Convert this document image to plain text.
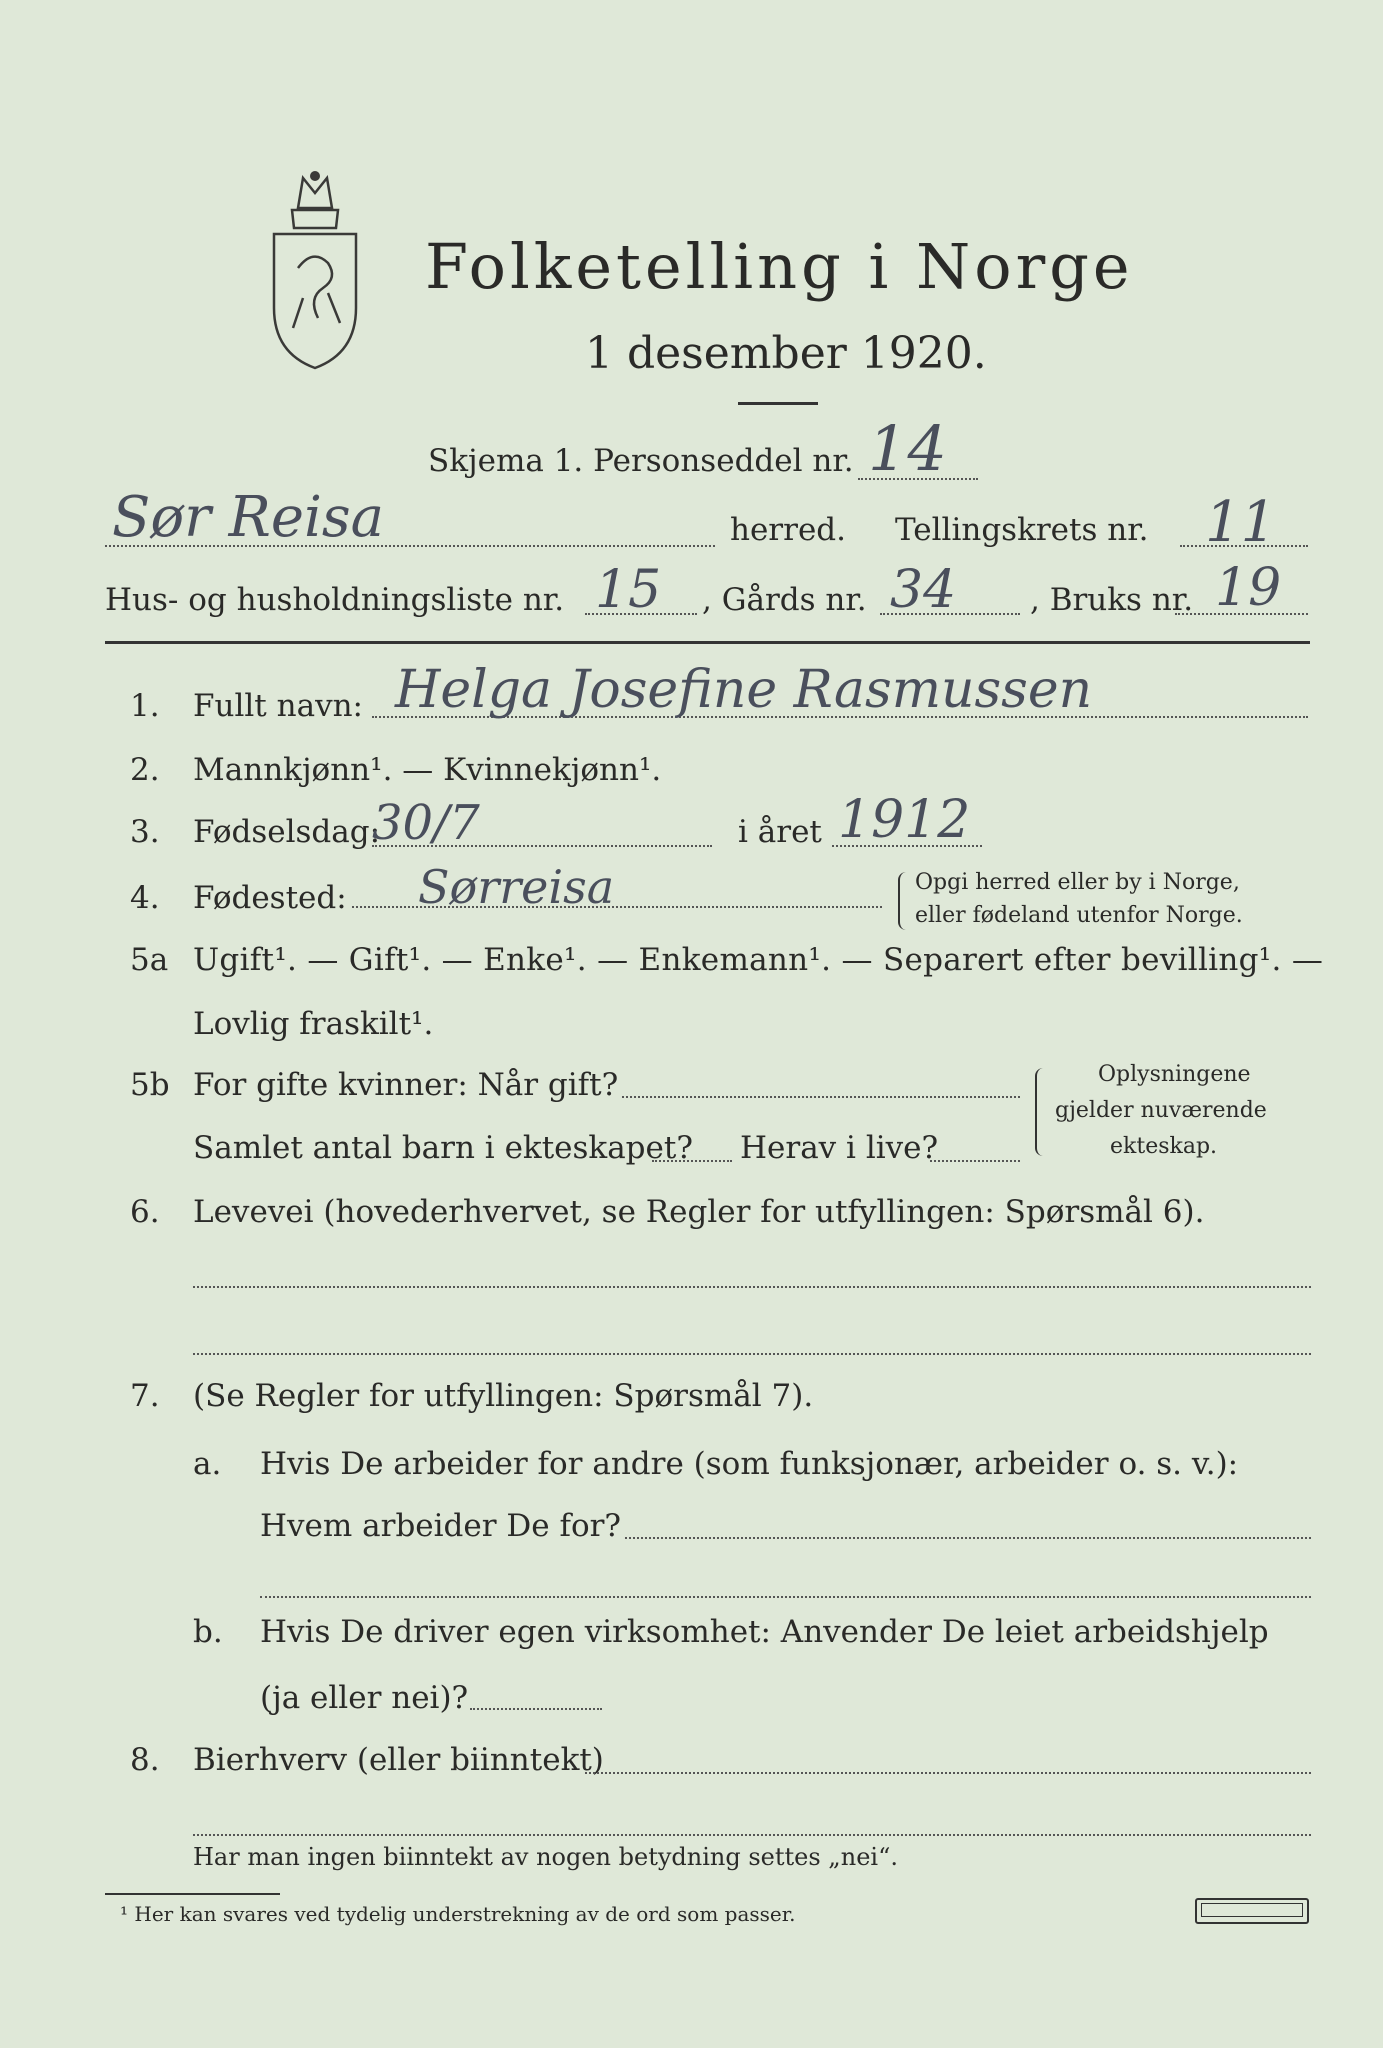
Folketelling i Norge
1 desember 1920.
Skjema 1. Personseddel nr. 14
Sør Reisa	herred. Tellingskrets nr. 11
Hus- og husholdningsliste nr. 15 , Gårds nr. 34 , Bruks nr. 19
1. Fullt navn: Helga Josefine Rasmussen
2. Mannkjønn¹. — Kvinnekjønn¹.
3. Fødselsdag:
30/7	i året 1912
4. Fødested: Sørreisa	Opgi herred eller by i Norge,
eller fødeland utenfor Norge.
5a Ugift¹. — Gift¹. — Enke¹. — Enkemann¹. — Separert efter bevilling¹. —
Lovlig fraskilt¹.
5b For gifte kvinner: Når gift?
Samlet antal barn i ekteskapet? Herav i live?
Oplysningene
gjelder nuværende
ekteskap.
6. Levevei (hovederhvervet, se Regler for utfyllingen: Spørsmål 6).
7. (Se Regler for utfyllingen: Spørsmål 7).
a. Hvis De arbeider for andre (som funksjonær, arbeider o. s. v.):
Hvem arbeider De for?
b. Hvis De driver egen virksomhet: Anvender De leiet arbeidshjelp
(ja eller nei)?
8. Bierhverv (eller biinntekt)
Har man ingen biinntekt av nogen betydning settes „nei“.
¹ Her kan svares ved tydelig understrekning av de ord som passer.
